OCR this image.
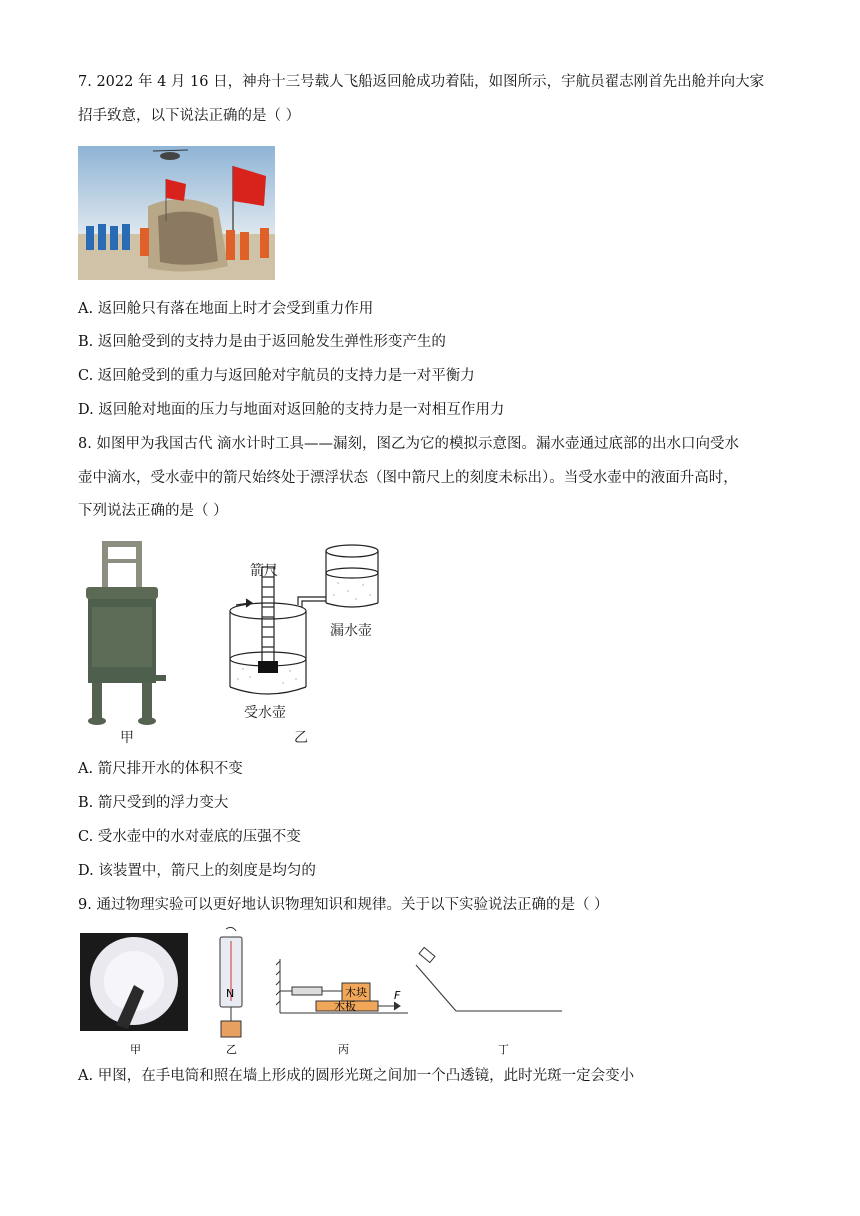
7. 2022 年 4 月 16 日，神舟十三号载人飞船返回舱成功着陆，如图所示，宇航员翟志刚首先出舱并向大家
招手致意，以下说法正确的是（ ）
A. 返回舱只有落在地面上时才会受到重力作用
B. 返回舱受到的支持力是由于返回舱发生弹性形变产生的
C. 返回舱受到的重力与返回舱对宇航员的支持力是一对平衡力
D. 返回舱对地面的压力与地面对返回舱的支持力是一对相互作用力
8. 如图甲为我国古代 滴水计时工具——漏刻，图乙为它的模拟示意图。漏水壶通过底部的出水口向受水
壶中滴水，受水壶中的箭尺始终处于漂浮状态（图中箭尺上的刻度未标出）。当受水壶中的液面升高时，
下列说法正确的是（ ）
甲
箭尺
漏水壶
受水壶
乙
A. 箭尺排开水的体积不变
B. 箭尺受到的浮力变大
C. 受水壶中的水对壶底的压强不变
D. 该装置中，箭尺上的刻度是均匀的
9. 通过物理实验可以更好地认识物理知识和规律。关于以下实验说法正确的是（ ）
甲
N
乙
木块
木板
F
丙	丁
A. 甲图，在手电筒和照在墙上形成的圆形光斑之间加一个凸透镜，此时光斑一定会变小
